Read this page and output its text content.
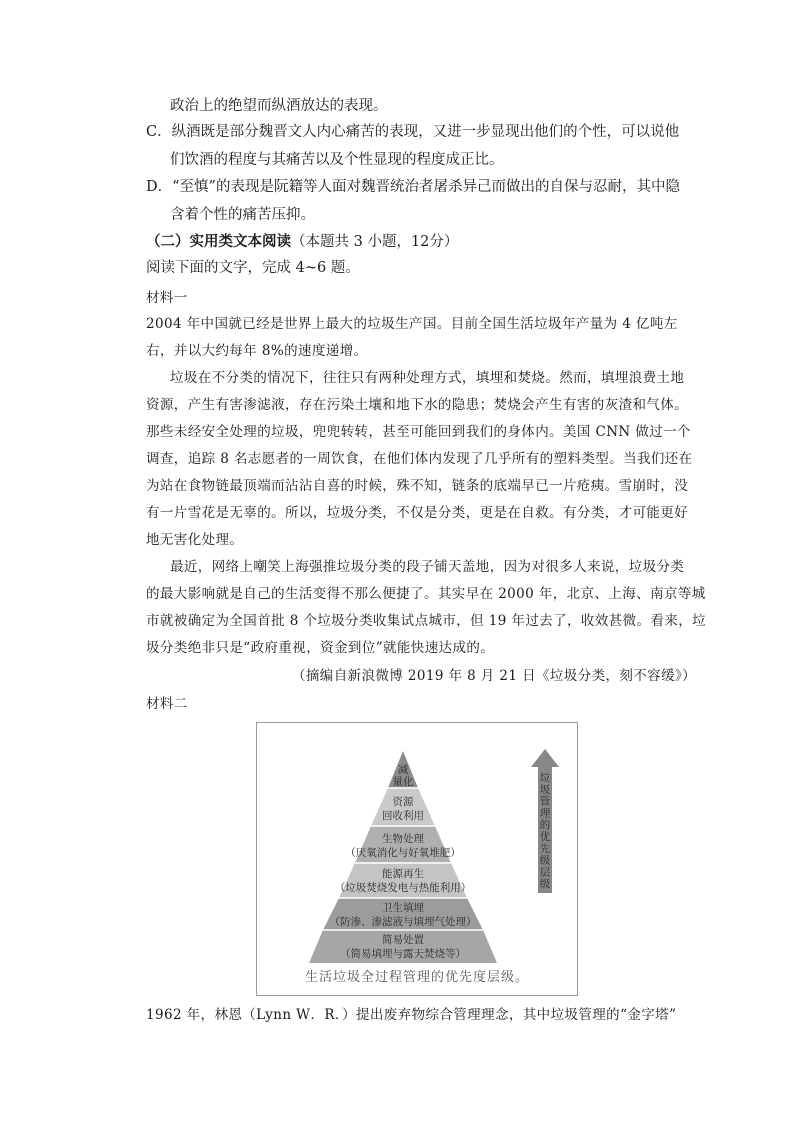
政治上的绝望而纵酒放达的表现。
C．纵酒既是部分魏晋文人内心痛苦的表现，又进一步显现出他们的个性，可以说他
们饮酒的程度与其痛苦以及个性显现的程度成正比。
D．“至慎”的表现是阮籍等人面对魏晋统治者屠杀异己而做出的自保与忍耐，其中隐
含着个性的痛苦压抑。
（二）实用类文本阅读（本题共 3 小题，12分）
阅读下面的文字，完成 4~6 题。
材料一
2004 年中国就已经是世界上最大的垃圾生产国。目前全国生活垃圾年产量为 4 亿吨左
右，并以大约每年 8%的速度递增。
垃圾在不分类的情况下，往往只有两种处理方式，填埋和焚烧。然而，填埋浪费土地
资源，产生有害渗滤液，存在污染土壤和地下水的隐患；焚烧会产生有害的灰渣和气体。
那些未经安全处理的垃圾，兜兜转转，甚至可能回到我们的身体内。美国 CNN 做过一个
调查，追踪 8 名志愿者的一周饮食，在他们体内发现了几乎所有的塑料类型。当我们还在
为站在食物链最顶端而沾沾自喜的时候，殊不知，链条的底端早已一片疮痍。雪崩时，没
有一片雪花是无辜的。所以，垃圾分类，不仅是分类，更是在自救。有分类，才可能更好
地无害化处理。
最近，网络上嘲笑上海强推垃圾分类的段子铺天盖地，因为对很多人来说，垃圾分类
的最大影响就是自己的生活变得不那么便捷了。其实早在 2000 年，北京、上海、南京等城
市就被确定为全国首批 8 个垃圾分类收集试点城市，但 19 年过去了，收效甚微。看来，垃
圾分类绝非只是“政府重视，资金到位”就能快速达成的。
（摘编自新浪微博 2019 年 8 月 21 日《垃圾分类，刻不容缓》）
材料二
减
量化
资源
回收利用
生物处理
（厌氧消化与好氧堆肥）
能源再生
（垃圾焚烧发电与热能利用）
卫生填埋
（防渗、渗滤液与填埋气处理）
简易处置
（简易填埋与露天焚烧等）
垃
圾
管
理
的
优
先
级
层
级
生活垃圾全过程管理的优先度层级。
1962 年，林恩（Lynn W．R．）提出废弃物综合管理理念，其中垃圾管理的“金字塔”
